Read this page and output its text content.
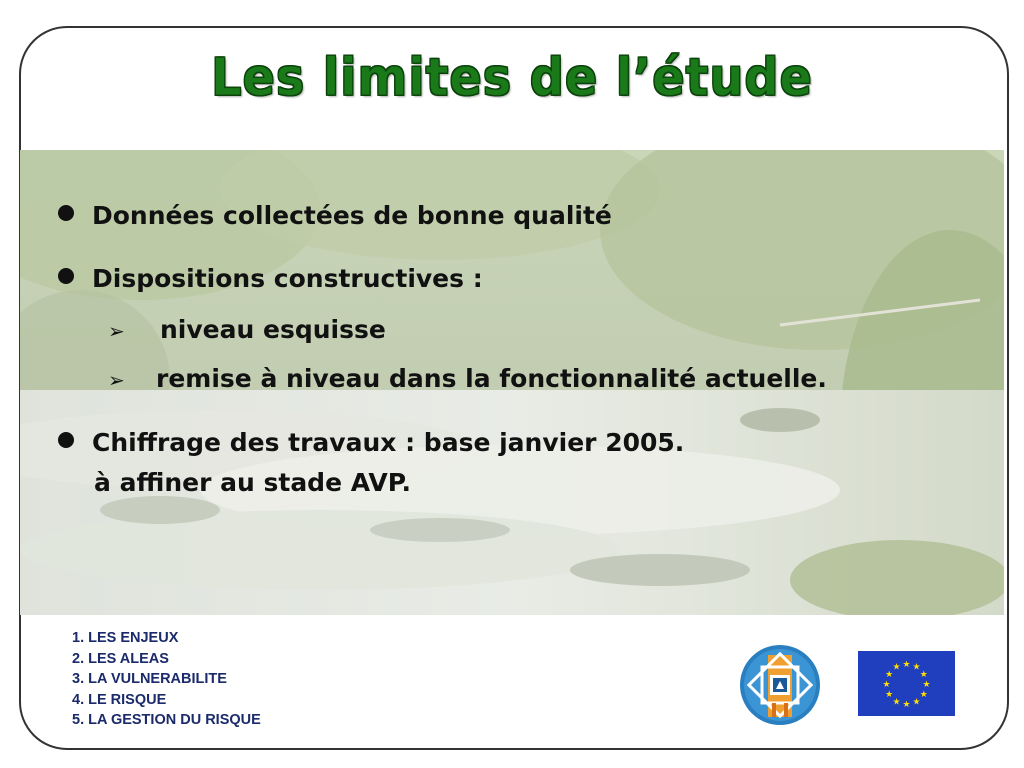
Les limites de l’étude
Données collectées de bonne qualité
Dispositions constructives :
➢ niveau esquisse
➢ remise à niveau dans la fonctionnalité actuelle.
Chiffrage des travaux : base janvier 2005.
à affiner au stade AVP.
1. LES ENJEUX
2. LES ALEAS
3. LA VULNERABILITE
4. LE RISQUE
5. LA GESTION DU RISQUE
★ ★
★
★
★
★
★
★
★
★
★
★
